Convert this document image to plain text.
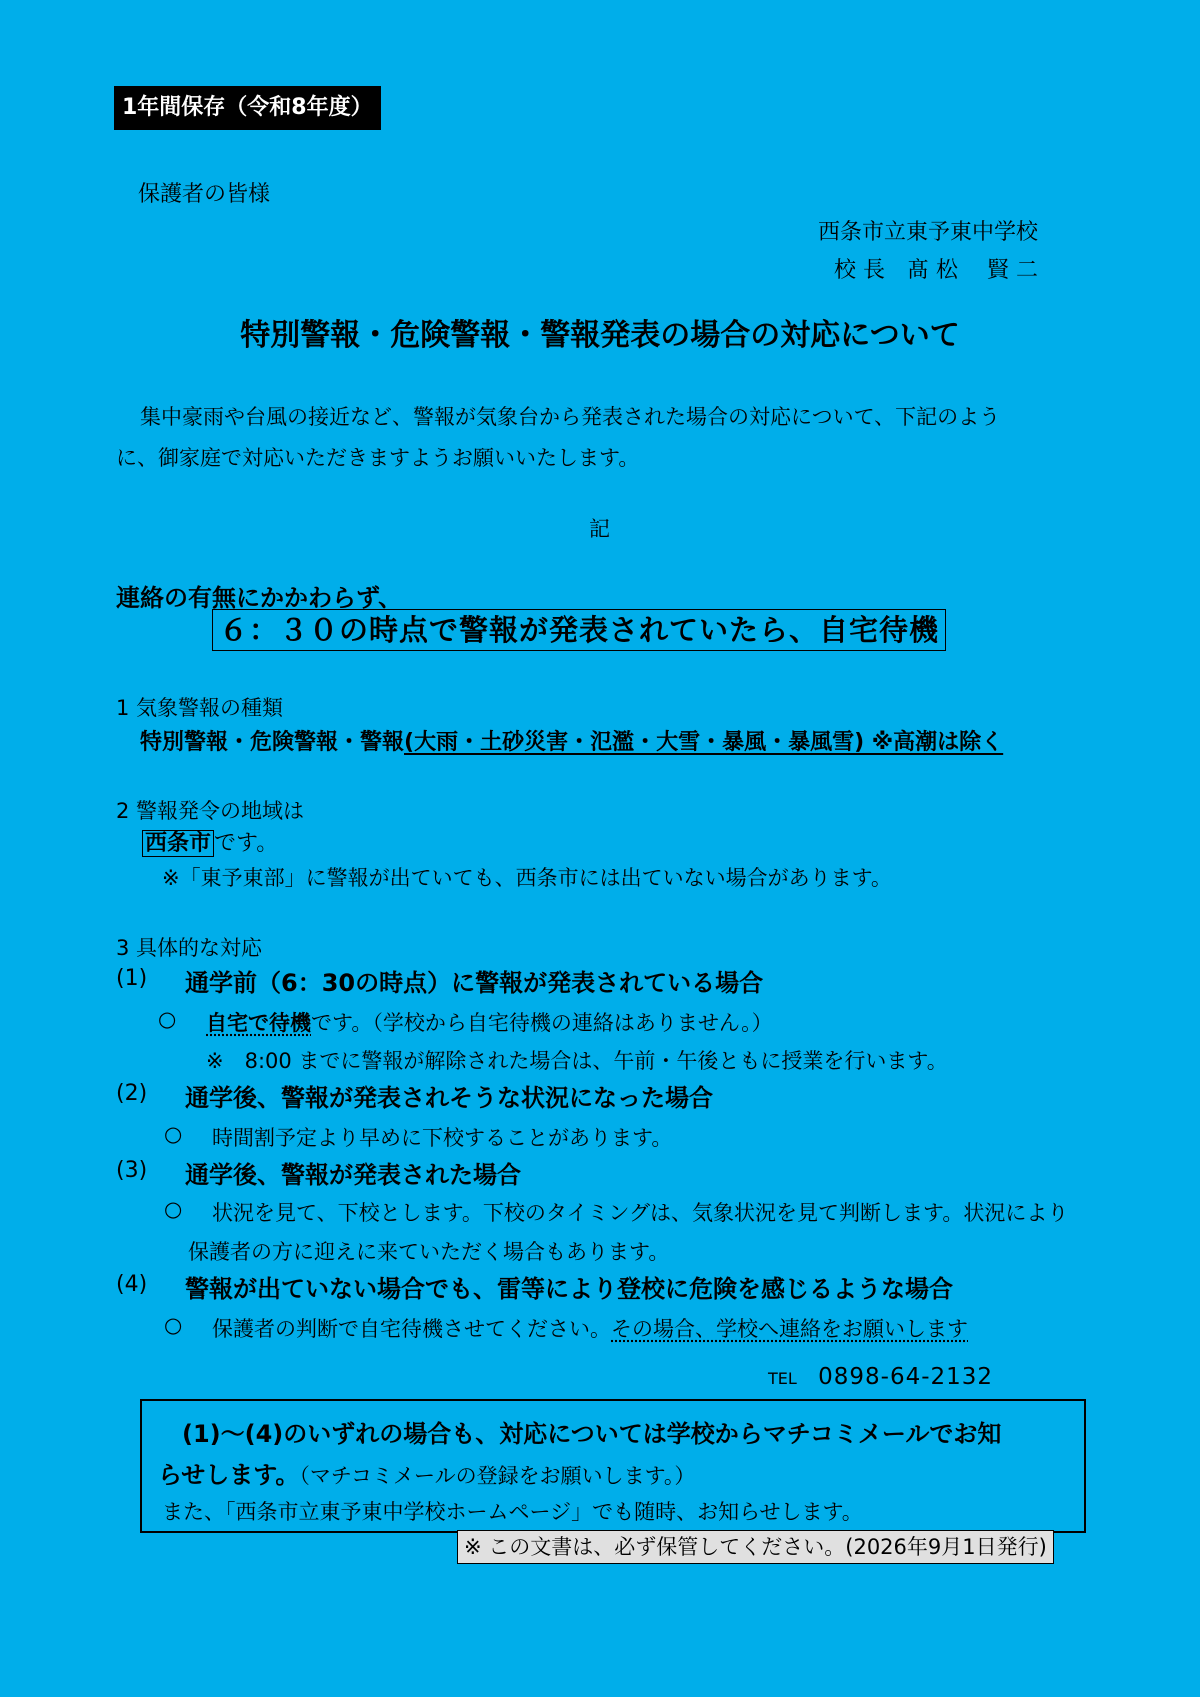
1年間保存（令和8年度）
保護者の皆様
西条市立東予東中学校
校 長　髙 松　 賢 二
特別警報・危険警報・警報発表の場合の対応について
集中豪雨や台風の接近など、警報が気象台から発表された場合の対応について、下記のよう
に、御家庭で対応いただきますようお願いいたします。
記
連絡の有無にかかわらず、
６：３０の時点で警報が発表されていたら、自宅待機
1 気象警報の種類
特別警報・危険警報・警報(大雨・土砂災害・氾濫・大雪・暴風・暴風雪) ※高潮は除く
2 警報発令の地域は
西条市 です。
※「東予東部」に警報が出ていても、西条市には出ていない場合があります。
3 具体的な対応
(1) 通学前（6：30の時点）に警報が発表されている場合
○ 自宅で待機です。（学校から自宅待機の連絡はありません。）
※　8:00 までに警報が解除された場合は、午前・午後ともに授業を行います。
(2) 通学後、警報が発表されそうな状況になった場合
○ 時間割予定より早めに下校することがあります。
(3) 通学後、警報が発表された場合
○ 状況を見て、下校とします。下校のタイミングは、気象状況を見て判断します。状況により
保護者の方に迎えに来ていただく場合もあります。
(4) 警報が出ていない場合でも、雷等により登校に危険を感じるような場合
○ 保護者の判断で自宅待機させてください。その場合、学校へ連絡をお願いします
TEL 0898-64-2132
(1)～(4)のいずれの場合も、対応については学校からマチコミメールでお知
らせします。（マチコミメールの登録をお願いします。）
また、「西条市立東予東中学校ホームページ」でも随時、お知らせします。
※ この文書は、必ず保管してください。(2026年9月1日発行)
